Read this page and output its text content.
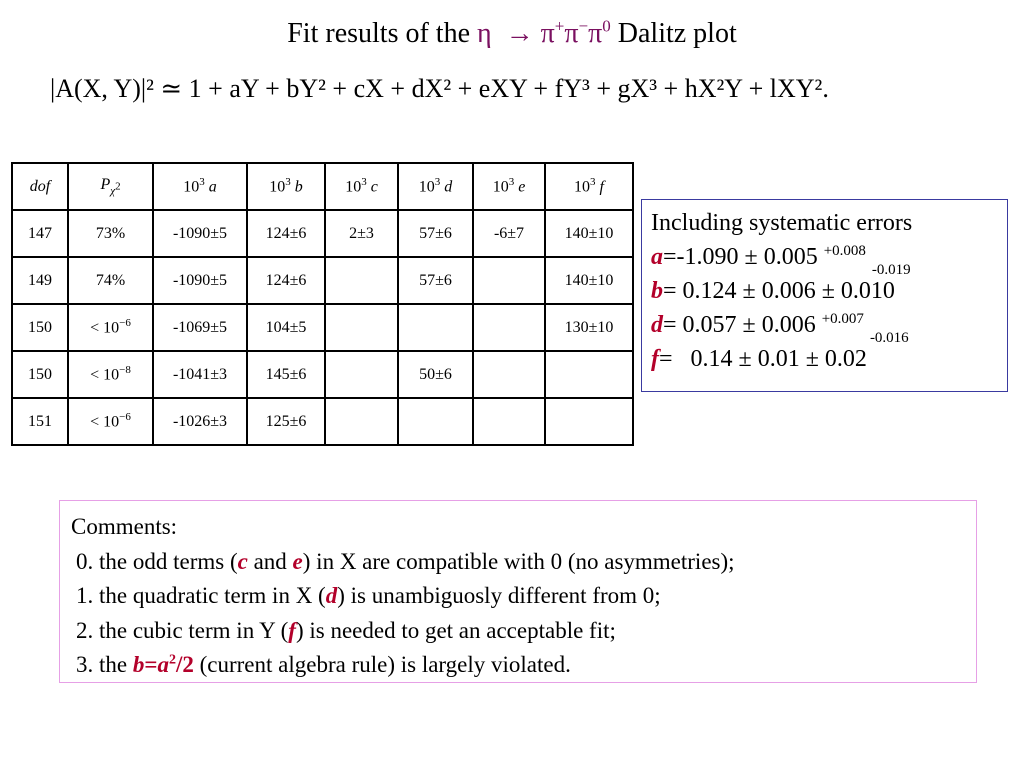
Fit results of the $\eta \to \pi^+\pi^-\pi^0$ Dalitz plot
|A(X, Y)|² ≃ 1 + aY + bY² + cX + dX² + eXY + fY³ + gX³ + hX²Y + lXY².
dof	$P_{\chi^2}$	$10^3$ a	$10^3$ b	$10^3$ c	$10^3$ d	$10^3$ e	$10^3$ f
147	73%	-1090±5	124±6	2±3	57±6	-6±7	140±10
149	74%	-1090±5	124±6		57±6		140±10
150	< $10^{-6}$	-1069±5	104±5				130±10
150	< $10^{-8}$	-1041±3	145±6		50±6		
151	< $10^{-6}$	-1026±3	125±6				
Including systematic errors
a=-1.090 ± 0.005 $^{+0.008}_{-0.019}$
b= 0.124 ± 0.006 ± 0.010
d= 0.057 ± 0.006 $^{+0.007}_{-0.016}$
f=   0.14 ± 0.01 ± 0.02
Comments:
0. the odd terms (c and e) in X are compatible with 0 (no asymmetries);
1. the quadratic term in X (d) is unambiguosly different from 0;
2. the cubic term in Y (f) is needed to get an acceptable fit;
3. the $b=a^2/2$ (current algebra rule) is largely violated.
